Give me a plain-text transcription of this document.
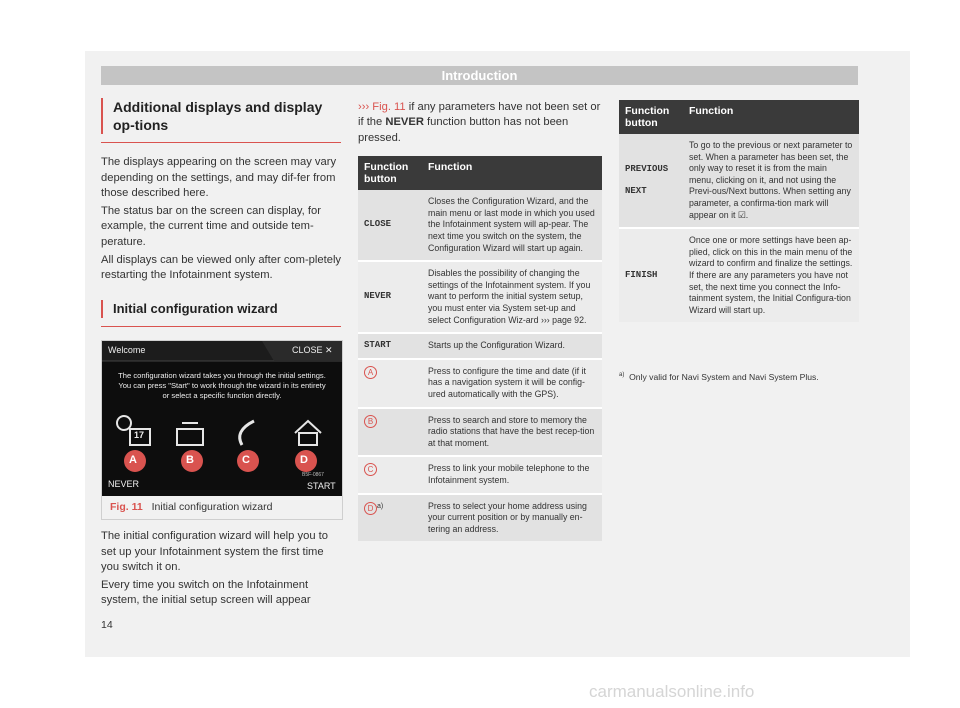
Introduction
Additional displays and display op-tions

The displays appearing on the screen may vary depending on the settings, and may dif-fer from those described here.

The status bar on the screen can display, for example, the current time and outside tem-perature.

All displays can be viewed only after com-pletely restarting the Infotainment system.

Initial configuration wizard
Welcome	CLOSE ✕
The configuration wizard takes you through the initial settings. You can press "Start" to work through the wizard in its entirety or select a specific function directly.
17
A	B	C	D
NEVER
B5F-0867
START
Fig. 11 Initial configuration wizard

The initial configuration wizard will help you to set up your Infotainment system the first time you switch it on.

Every time you switch on the Infotainment system, the initial setup screen will appear

››› Fig. 11 if any parameters have not been set or if the NEVER function button has not been pressed.
Function button	Function
CLOSE	Closes the Configuration Wizard, and the main menu or last mode in which you used the Infotainment system will ap-pear. The next time you switch on the system, the Configuration Wizard will start up again.
NEVER	Disables the possibility of changing the settings of the Infotainment system. If you want to perform the initial system setup, you must enter via System set-up and select Configuration Wiz-ard ››› page 92.
START	Starts up the Configuration Wizard.
A	Press to configure the time and date (if it has a navigation system it will be config-ured automatically with the GPS).
B	Press to search and store to memory the radio stations that have the best recep-tion at that moment.
C	Press to link your mobile telephone to the Infotainment system.
D $^{a)}$	Press to select your home address using your current position or by manually en-tering an address.
Function button	Function

PREVIOUS
NEXT	To go to the previous or next parameter to set. When a parameter has been set, the only way to reset it is from the main menu, clicking on it, and not using the Previ-ous/Next buttons. When setting any parameter, a confirma-tion mark will appear on it ☑.
FINISH	Once one or more settings have been ap-plied, click on this in the main menu of the wizard to confirm and finalize the settings. If there are any parameters you have not set, the next time you connect the Info-tainment system, the Initial Configura-tion Wizard will start up.
$^{a)}$ Only valid for Navi System and Navi System Plus.
14
carmanualsonline.info
